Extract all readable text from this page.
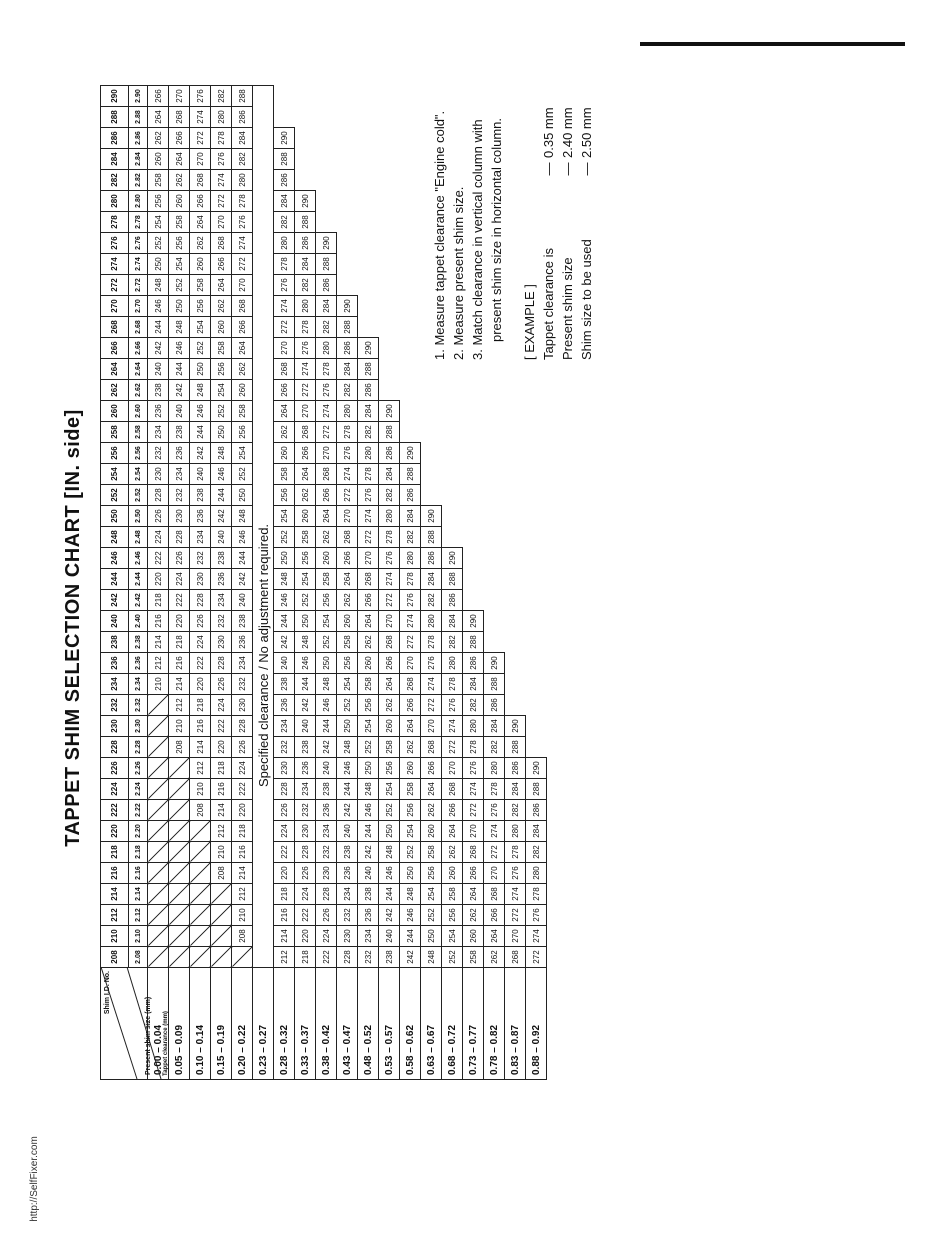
http://SelfFixer.com
TAPPET SHIM SELECTION CHART [IN. side]
Shim I.D. No.
Present shim size (mm) Tappet clearance (mm)	208	210	212	214	216	218	220	222	224	226	228	230	232	234	236	238	240	242	244	246	248	250	252	254	256	258	260	262	264	266	268	270	272	274	276	278	280	282	284	286	288	290
	2.08	2.10	2.12	2.14	2.16	2.18	2.20	2.22	2.24	2.26	2.28	2.30	2.32	2.34	2.36	2.38	2.40	2.42	2.44	2.46	2.48	2.50	2.52	2.54	2.56	2.58	2.60	2.62	2.64	2.66	2.68	2.70	2.72	2.74	2.76	2.78	2.80	2.82	2.84	2.86	2.88	2.90
0.00 – 0.04														210	212	214	216	218	220	222	224	226	228	230	232	234	236	238	240	242	244	246	248	250	252	254	256	258	260	262	264	266
0.05 – 0.09											208	210	212	214	216	218	220	222	224	226	228	230	232	234	236	238	240	242	244	246	248	250	252	254	256	258	260	262	264	266	268	270
0.10 – 0.14								208	210	212	214	216	218	220	222	224	226	228	230	232	234	236	238	240	242	244	246	248	250	252	254	256	258	260	262	264	266	268	270	272	274	276
0.15 – 0.19					208	210	212	214	216	218	220	222	224	226	228	230	232	234	236	238	240	242	244	246	248	250	252	254	256	258	260	262	264	266	268	270	272	274	276	278	280	282
0.20 – 0.22		208	210	212	214	216	218	220	222	224	226	228	230	232	234	236	238	240	242	244	246	248	250	252	254	256	258	260	262	264	266	268	270	272	274	276	278	280	282	284	286	288
0.23 – 0.27	Specified clearance / No adjustment required.																																									
0.28 – 0.32	212	214	216	218	220	222	224	226	228	230	232	234	236	238	240	242	244	246	248	250	252	254	256	258	260	262	264	266	268	270	272	274	276	278	280	282	284	286	288	290		
0.33 – 0.37	218	220	222	224	226	228	230	232	234	236	238	240	242	244	246	248	250	252	254	256	258	260	262	264	266	268	270	272	274	276	278	280	282	284	286	288	290					
0.38 – 0.42	222	224	226	228	230	232	234	236	238	240	242	244	246	248	250	252	254	256	258	260	262	264	266	268	270	272	274	276	278	280	282	284	286	288	290							
0.43 – 0.47	228	230	232	234	236	238	240	242	244	246	248	250	252	254	256	258	260	262	264	266	268	270	272	274	276	278	280	282	284	286	288	290										
0.48 – 0.52	232	234	236	238	240	242	244	246	248	250	252	254	256	258	260	262	264	266	268	270	272	274	276	278	280	282	284	286	288	290												
0.53 – 0.57	238	240	242	244	246	248	250	252	254	256	258	260	262	264	266	268	270	272	274	276	278	280	282	284	286	288	290															
0.58 – 0.62	242	244	246	248	250	252	254	256	258	260	262	264	266	268	270	272	274	276	278	280	282	284	286	288	290																	
0.63 – 0.67	248	250	252	254	256	258	260	262	264	266	268	270	272	274	276	278	280	282	284	286	288	290																				
0.68 – 0.72	252	254	256	258	260	262	264	266	268	270	272	274	276	278	280	282	284	286	288	290																						
0.73 – 0.77	258	260	262	264	266	268	270	272	274	276	278	280	282	284	286	288	290																									
0.78 – 0.82	262	264	266	268	270	272	274	276	278	280	282	284	286	288	290																											
0.83 – 0.87	268	270	272	274	276	278	280	282	284	286	288	290																														
0.88 – 0.92	272	274	276	278	280	282	284	286	288	290																																
1. Measure tappet clearance "Engine cold". 2. Measure present shim size. 3. Match clearance in vertical column with present shim size in horizontal column. [ EXAMPLE ] Tappet clearance is
—
0.35 mm
Present shim size
—
2.40 mm
Shim size to be used
—
2.50 mm
